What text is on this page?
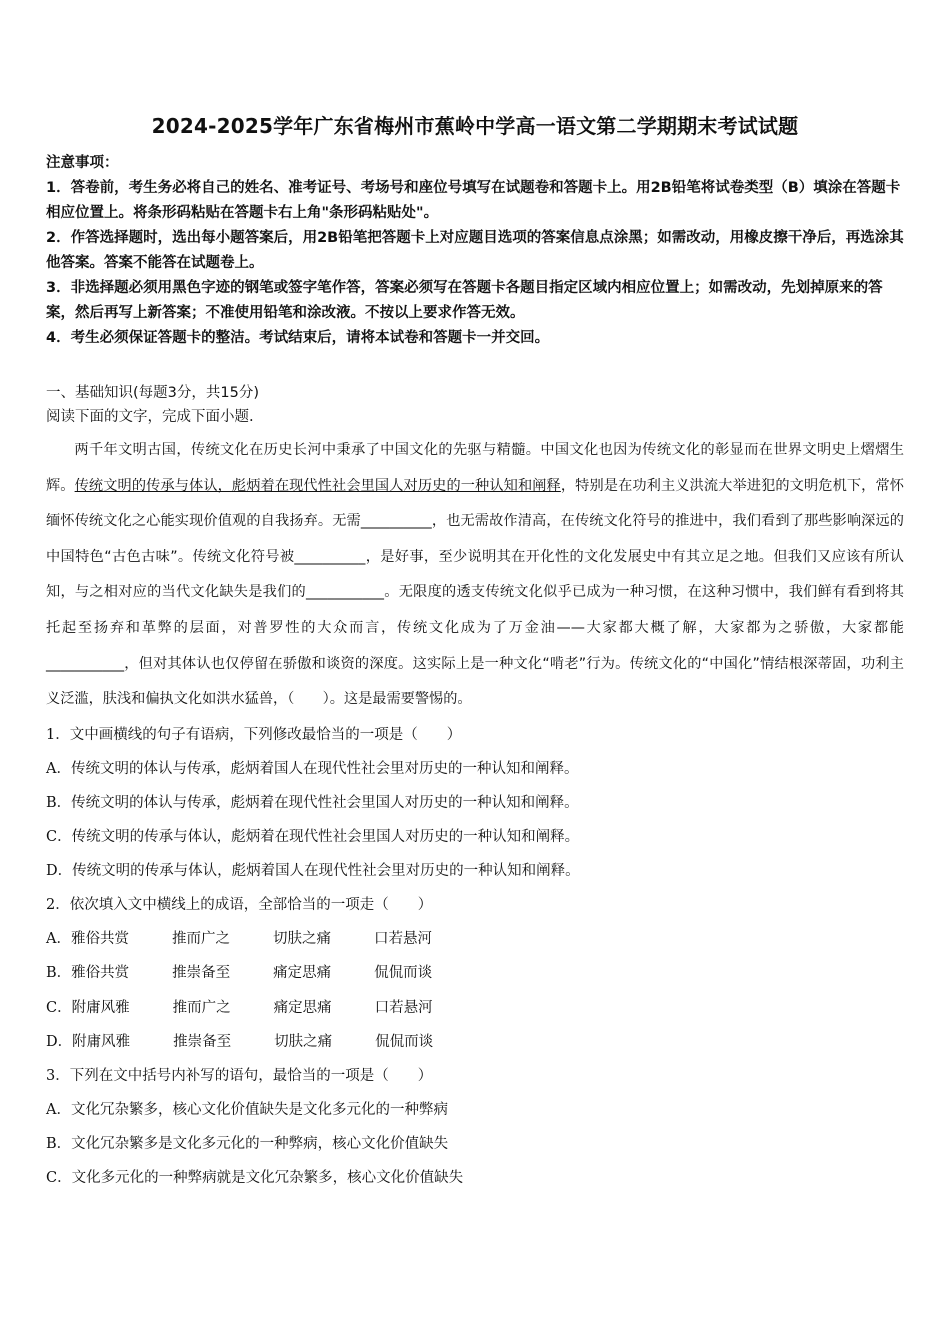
2024-2025学年广东省梅州市蕉岭中学高一语文第二学期期末考试试题

注意事项：

1．答卷前，考生务必将自己的姓名、准考证号、考场号和座位号填写在试题卷和答题卡上。用2B铅笔将试卷类型（B）填涂在答题卡相应位置上。将条形码粘贴在答题卡右上角"条形码粘贴处"。

2．作答选择题时，选出每小题答案后，用2B铅笔把答题卡上对应题目选项的答案信息点涂黑；如需改动，用橡皮擦干净后，再选涂其他答案。答案不能答在试题卷上。

3．非选择题必须用黑色字迹的钢笔或签字笔作答，答案必须写在答题卡各题目指定区域内相应位置上；如需改动，先划掉原来的答案，然后再写上新答案；不准使用铅笔和涂改液。不按以上要求作答无效。

4．考生必须保证答题卡的整洁。考试结束后，请将本试卷和答题卡一并交回。

一、基础知识(每题3分，共15分)

阅读下面的文字，完成下面小题.

两千年文明古国，传统文化在历史长河中秉承了中国文化的先驱与精髓。中国文化也因为传统文化的彰显而在世界文明史上熠熠生辉。传统文明的传承与体认，彪炳着在现代性社会里国人对历史的一种认知和阐释，特别是在功利主义洪流大举进犯的文明危机下，常怀缅怀传统文化之心能实现价值观的自我扬弃。无需__________，也无需故作清高，在传统文化符号的推进中，我们看到了那些影响深远的中国特色“古色古味”。传统文化符号被__________，是好事，至少说明其在开化性的文化发展史中有其立足之地。但我们又应该有所认知，与之相对应的当代文化缺失是我们的___________。无限度的透支传统文化似乎已成为一种习惯，在这种习惯中，我们鲜有看到将其托起至扬弃和革弊的层面，对普罗性的大众而言，传统文化成为了万金油——大家都大概了解，大家都为之骄傲，大家都能___________，但对其体认也仅停留在骄傲和谈资的深度。这实际上是一种文化“啃老”行为。传统文化的“中国化”情结根深蒂固，功利主义泛滥，肤浅和偏执文化如洪水猛兽，（　　）。这是最需要警惕的。

1．文中画横线的句子有语病，下列修改最恰当的一项是（　　）

A．传统文明的体认与传承，彪炳着国人在现代性社会里对历史的一种认知和阐释。

B．传统文明的体认与传承，彪炳着在现代性社会里国人对历史的一种认知和阐释。

C．传统文明的传承与体认，彪炳着在现代性社会里国人对历史的一种认知和阐释。

D．传统文明的传承与体认，彪炳着国人在现代性社会里对历史的一种认知和阐释。

2．依次填入文中横线上的成语，全部恰当的一项走（　　）

A．雅俗共赏	推而广之	切肤之痛	口若悬河

B．雅俗共赏	推崇备至	痛定思痛	侃侃而谈

C．附庸风雅	推而广之	痛定思痛	口若悬河

D．附庸风雅	推崇备至	切肤之痛	侃侃而谈

3．下列在文中括号内补写的语句，最恰当的一项是（　　）

A．文化冗杂繁多，核心文化价值缺失是文化多元化的一种弊病

B．文化冗杂繁多是文化多元化的一种弊病，核心文化价值缺失

C．文化多元化的一种弊病就是文化冗杂繁多，核心文化价值缺失
